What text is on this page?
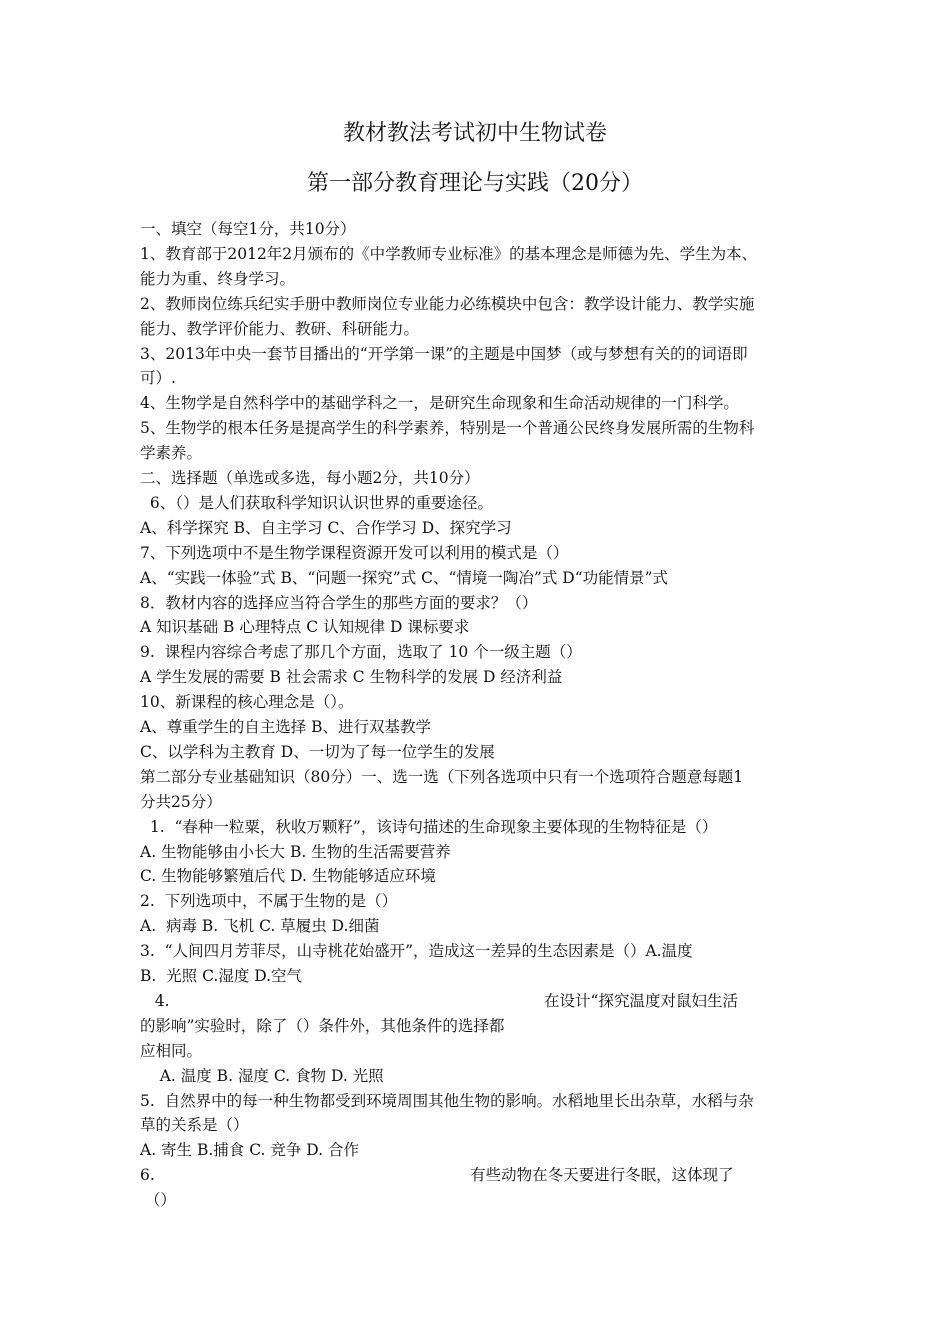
教材教法考试初中生物试卷
第一部分教育理论与实践（20分）
一、填空（每空1分，共10分）
1、教育部于2012年2月颁布的《中学教师专业标准》的基本理念是师德为先、学生为本、
能力为重、终身学习。
2、教师岗位练兵纪实手册中教师岗位专业能力必练模块中包含：教学设计能力、教学实施
能力、教学评价能力、教研、科研能力。
3、2013年中央一套节目播出的“开学第一课”的主题是中国梦（或与梦想有关的的词语即
可）.
4、生物学是自然科学中的基础学科之一，是研究生命现象和生命活动规律的一门科学。
5、生物学的根本任务是提高学生的科学素养，特别是一个普通公民终身发展所需的生物科
学素养。
二、选择题（单选或多选，每小题2分，共10分）
6、（）是人们获取科学知识认识世界的重要途径。
A、科学探究 B、自主学习 C、合作学习 D、探究学习
7、下列选项中不是生物学课程资源开发可以利用的模式是（）
A、“实践一体验”式 B、“问题一探究”式 C、“情境一陶冶”式 D“功能情景”式
8．教材内容的选择应当符合学生的那些方面的要求？（）
A 知识基础 B 心理特点 C 认知规律 D 课标要求
9.  课程内容综合考虑了那几个方面，选取了 10 个一级主题（）
A 学生发展的需要 B 社会需求 C 生物科学的发展 D 经济利益
10、新课程的核心理念是（）。
A、尊重学生的自主选择 B、进行双基教学
C、以学科为主教育 D、一切为了每一位学生的发展
第二部分专业基础知识（80分）一、选一选（下列各选项中只有一个选项符合题意每题1
分共25分）
1.  “春种一粒粟，秋收万颗籽”，该诗句描述的生命现象主要体现的生物特征是（）
A. 生物能够由小长大 B. 生物的生活需要营养
C. 生物能够繁殖后代 D. 生物能够适应环境
2.  下列选项中，不属于生物的是（）
A.  病毒 B. 飞机 C. 草履虫 D.细菌
3.  “人间四月芳菲尽，山寺桃花始盛开”，造成这一差异的生态因素是（）A.温度
B.  光照 C.湿度 D.空气
4.                                                                            在设计“探究温度对鼠妇生活
的影响”实验时，除了（）条件外，其他条件的选择都
应相同。
A. 温度 B. 湿度 C. 食物 D. 光照
5.  自然界中的每一种生物都受到环境周围其他生物的影响。水稻地里长出杂草，水稻与杂
草的关系是（）
A. 寄生 B.捕食 C. 竞争 D. 合作
6.                                                                有些动物在冬天要进行冬眠，这体现了
（）
